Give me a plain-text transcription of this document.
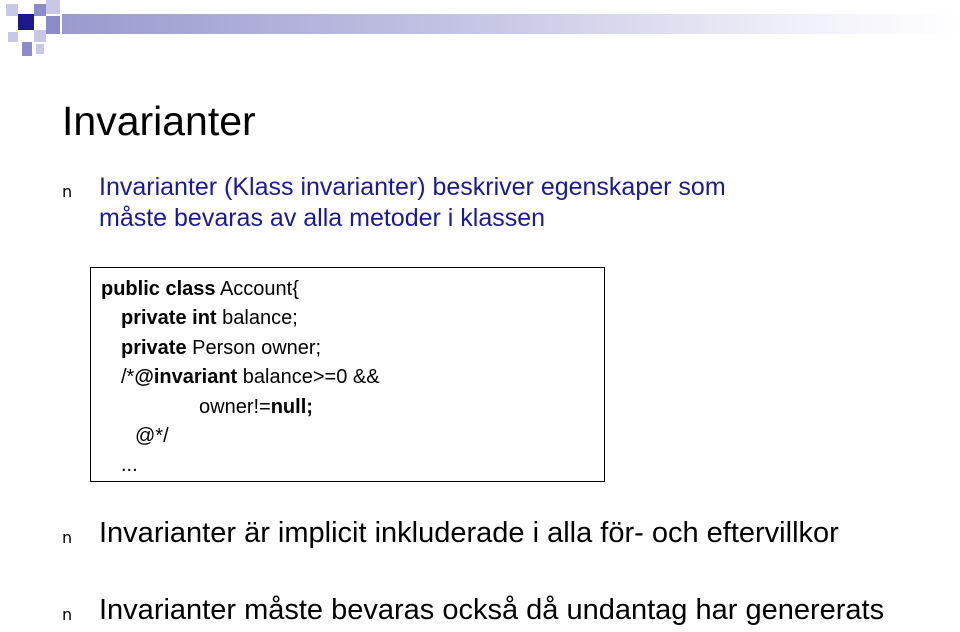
Invarianter
n Invarianter (Klass invarianter) beskriver egenskaper som
måste bevaras av alla metoder i klassen
public class Account{
private int balance;
private Person owner;
/*@invariant balance>=0 &&
owner!=null;
@*/
...
n Invarianter är implicit inkluderade i alla för- och eftervillkor
n Invarianter måste bevaras också då undantag har genererats
